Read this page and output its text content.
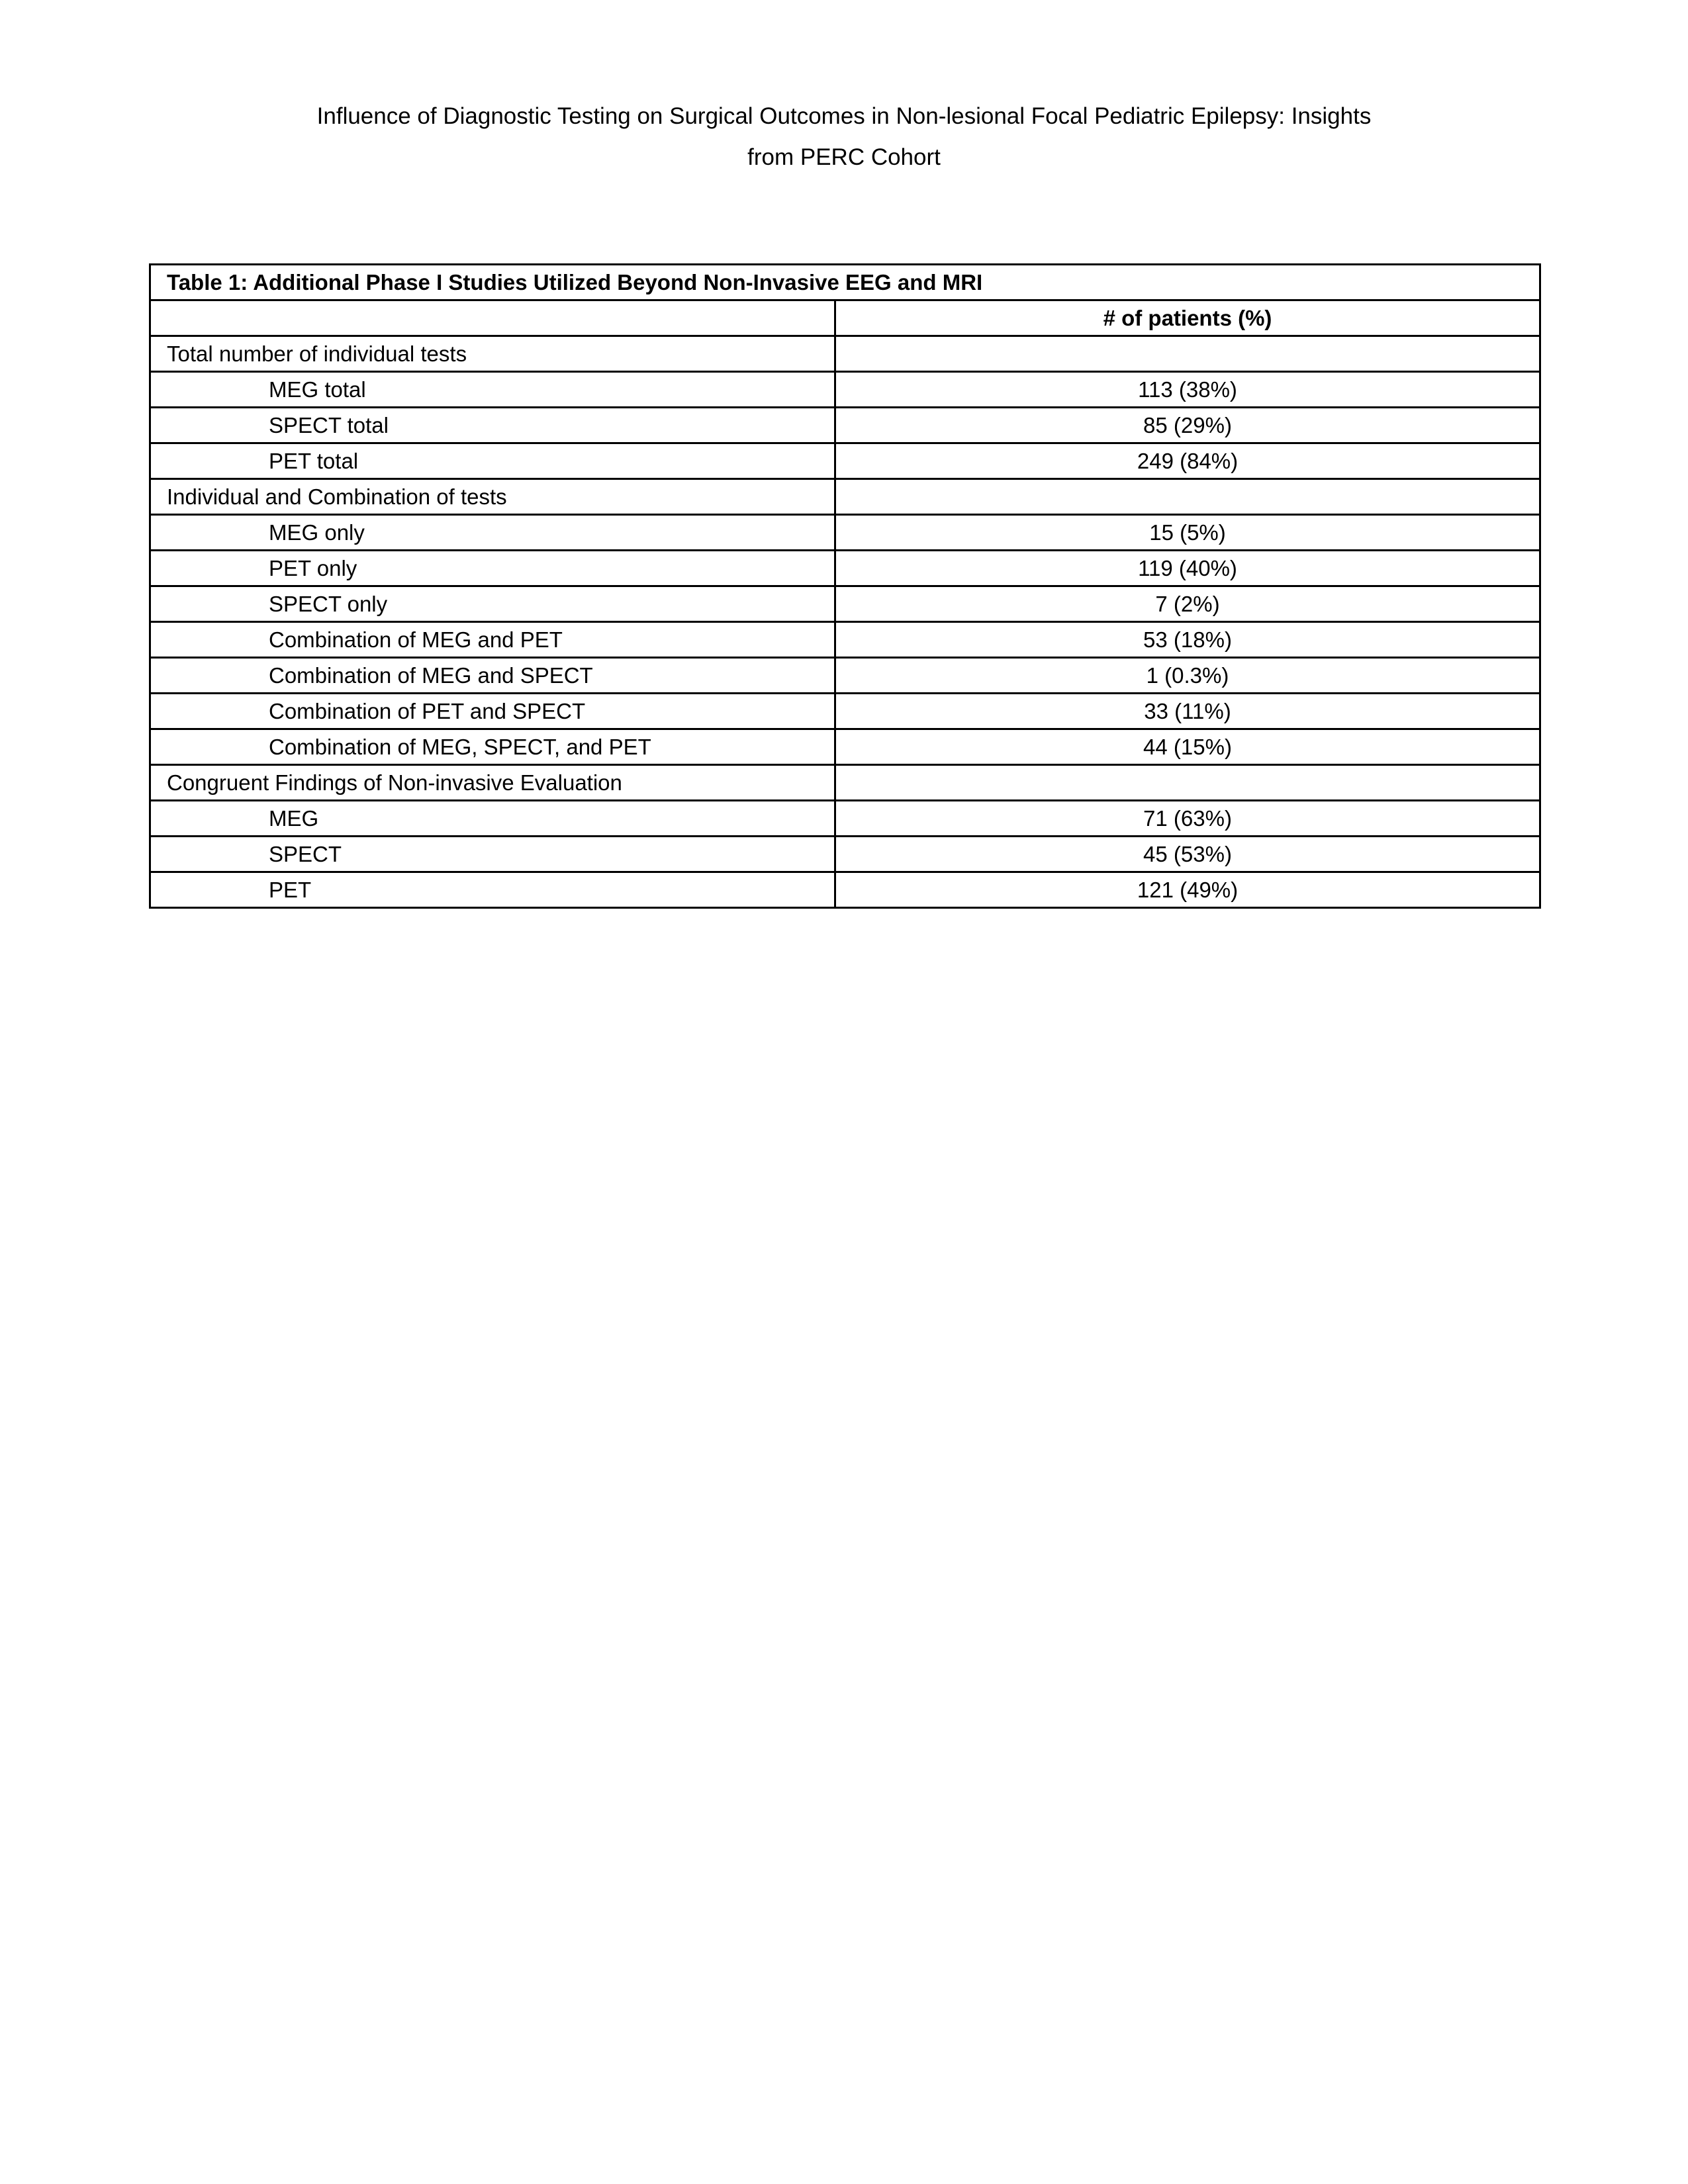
Influence of Diagnostic Testing on Surgical Outcomes in Non-lesional Focal Pediatric Epilepsy: Insights
from PERC Cohort
Table 1: Additional Phase I Studies Utilized Beyond Non-Invasive EEG and MRI	
	# of patients (%)
Total number of individual tests	
MEG total	113 (38%)
SPECT total	85 (29%)
PET total	249 (84%)
Individual and Combination of tests	
MEG only	15 (5%)
PET only	119 (40%)
SPECT only	7 (2%)
Combination of MEG and PET	53 (18%)
Combination of MEG and SPECT	1 (0.3%)
Combination of PET and SPECT	33 (11%)
Combination of MEG, SPECT, and PET	44 (15%)
Congruent Findings of Non-invasive Evaluation	
MEG	71 (63%)
SPECT	45 (53%)
PET	121 (49%)
